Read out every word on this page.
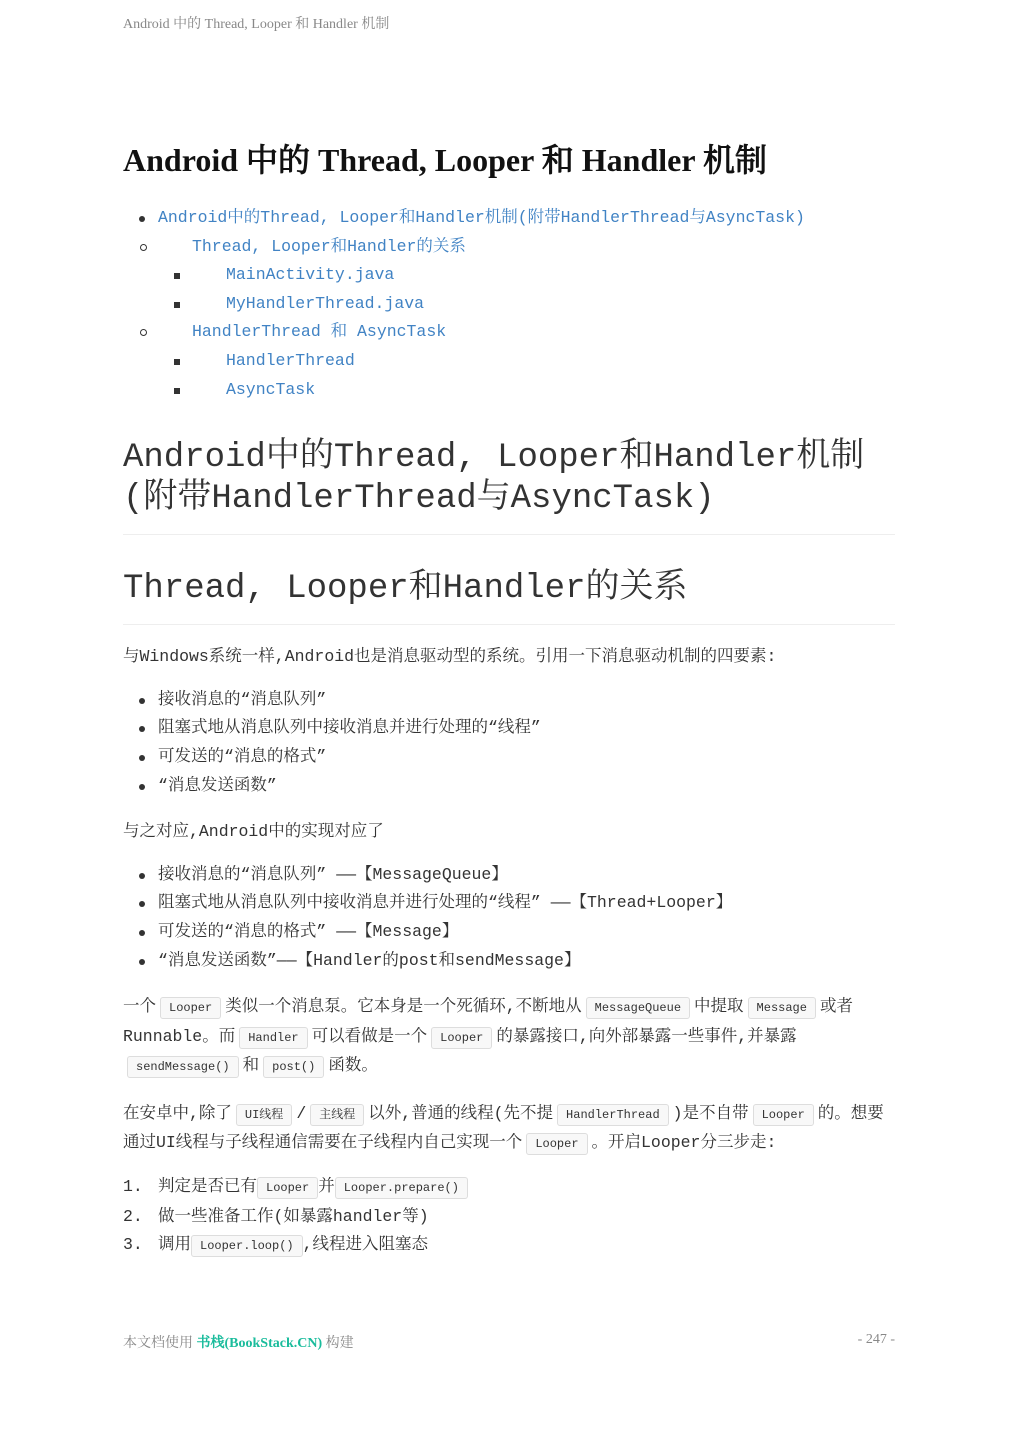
Android 中的 Thread, Looper 和 Handler 机制
Android 中的 Thread, Looper 和 Handler 机制
Android中的Thread, Looper和Handler机制(附带HandlerThread与AsyncTask)
Thread, Looper和Handler的关系
MainActivity.java
MyHandlerThread.java
HandlerThread 和 AsyncTask
HandlerThread
AsyncTask
Android中的Thread, Looper和Handler机制(附带HandlerThread与AsyncTask)
Thread, Looper和Handler的关系

与Windows系统一样,Android也是消息驱动型的系统。引用一下消息驱动机制的四要素:

接收消息的“消息队列”
阻塞式地从消息队列中接收消息并进行处理的“线程”
可发送的“消息的格式”
“消息发送函数”

与之对应,Android中的实现对应了

接收消息的“消息队列” ——【MessageQueue】
阻塞式地从消息队列中接收消息并进行处理的“线程” ——【Thread+Looper】
可发送的“消息的格式” ——【Message】
“消息发送函数”——【Handler的post和sendMessage】

一个 Looper 类似一个消息泵。它本身是一个死循环,不断地从 MessageQueue 中提取 Message 或者Runnable。而 Handler 可以看做是一个 Looper 的暴露接口,向外部暴露一些事件,并暴露sendMessage() 和 post() 函数。

在安卓中,除了 UI线程 / 主线程 以外,普通的线程(先不提 HandlerThread )是不自带 Looper 的。想要通过UI线程与子线程通信需要在子线程内自己实现一个 Looper 。开启Looper分三步走:

1. 判定是否已有 Looper 并 Looper.prepare()
2. 做一些准备工作(如暴露handler等)
3. 调用 Looper.loop() ,线程进入阻塞态
本文档使用 书栈(BookStack.CN) 构建	- 247 -
